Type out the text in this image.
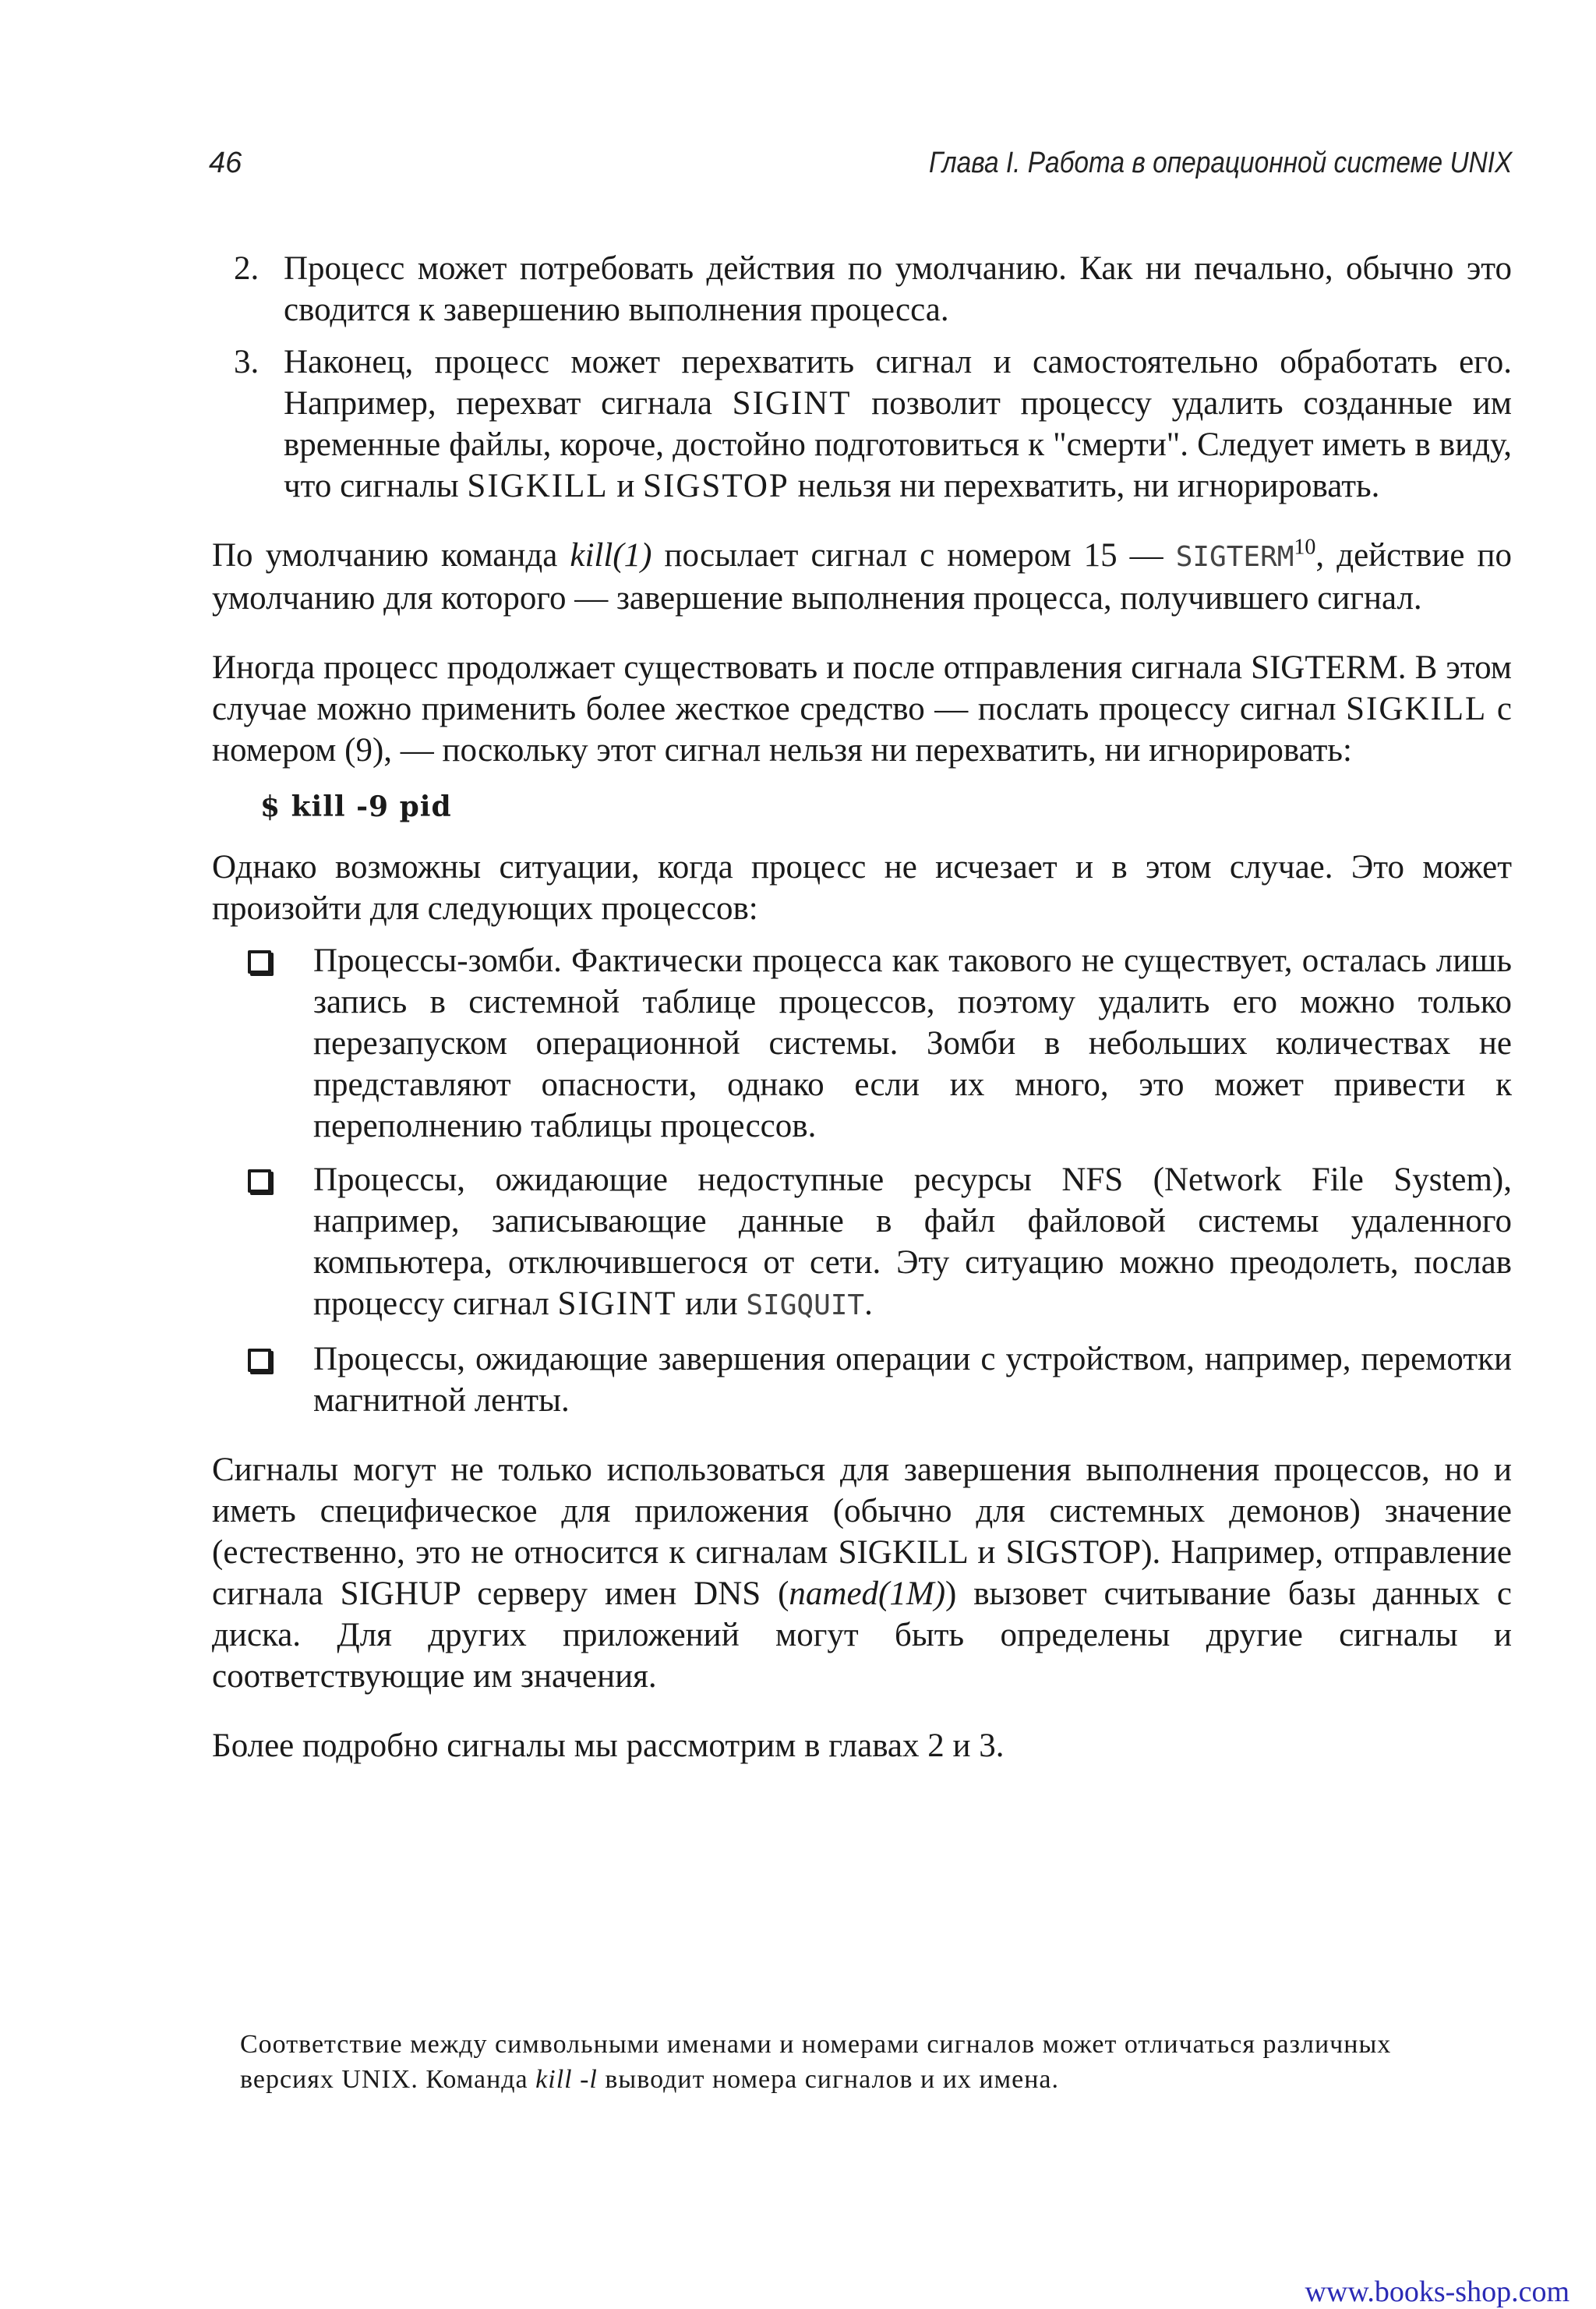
46	Глава I. Работа в операционной системе UNIX
2. Процесс может потребовать действия по умолчанию. Как ни печально, обычно это сводится к завершению выполнения процесса.
3. Наконец, процесс может перехватить сигнал и самостоятельно обработать его. Например, перехват сигнала SIGINT позволит процессу удалить созданные им временные файлы, короче, достойно подготовиться к "смерти". Следует иметь в виду, что сигналы SIGKILL и SIGSTOP нельзя ни перехватить, ни игнорировать.

По умолчанию команда kill(1) посылает сигнал с номером 15 — SIGTERM$^{10}$, действие по умолчанию для которого — завершение выполнения процесса, получившего сигнал.

Иногда процесс продолжает существовать и после отправления сигнала SIGTERM. В этом случае можно применить более жесткое средство — послать процессу сигнал SIGKILL с номером (9), — поскольку этот сигнал нельзя ни перехватить, ни игнорировать:

$ kill -9 pid

Однако возможны ситуации, когда процесс не исчезает и в этом случае. Это может произойти для следующих процессов:

Процессы-зомби. Фактически процесса как такового не существует, осталась лишь запись в системной таблице процессов, поэтому удалить его можно только перезапуском операционной системы. Зомби в небольших количествах не представляют опасности, однако если их много, это может привести к переполнению таблицы процессов.
Процессы, ожидающие недоступные ресурсы NFS (Network File System), например, записывающие данные в файл файловой системы удаленного компьютера, отключившегося от сети. Эту ситуацию можно преодолеть, послав процессу сигнал SIGINT или SIGQUIT.
Процессы, ожидающие завершения операции с устройством, например, перемотки магнитной ленты.

Сигналы могут не только использоваться для завершения выполнения процессов, но и иметь специфическое для приложения (обычно для системных демонов) значение (естественно, это не относится к сигналам SIGKILL и SIGSTOP). Например, отправление сигнала SIGHUP серверу имен DNS (named(1M)) вызовет считывание базы данных с диска. Для других приложений могут быть определены другие сигналы и соответствующие им значения.

Более подробно сигналы мы рассмотрим в главах 2 и 3.

Соответствие между символьными именами и номерами сигналов может отличаться различных версиях UNIX. Команда kill -l выводит номера сигналов и их имена.
www.books-shop.com
